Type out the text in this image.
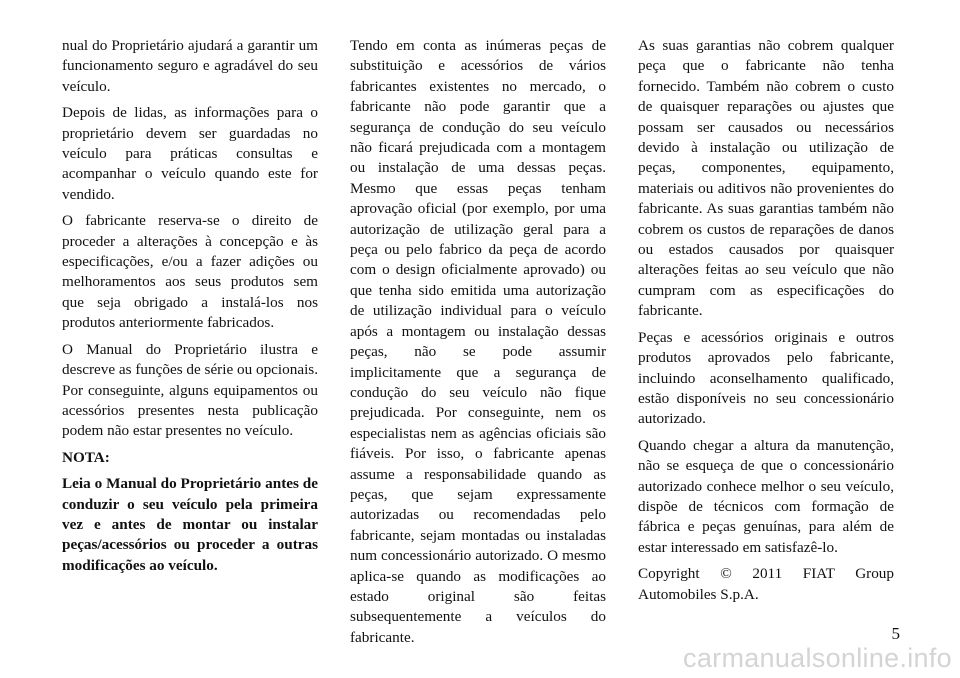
nual do Proprietário ajudará a garantir um funcionamento seguro e agradável do seu veículo.

Depois de lidas, as informações para o proprietário devem ser guardadas no veículo para práticas consultas e acompanhar o veículo quando este for vendido.

O fabricante reserva-se o direito de proceder a alterações à concepção e às especificações, e/ou a fazer adições ou melhoramentos aos seus produtos sem que seja obrigado a instalá-los nos produtos anteriormente fabricados.

O Manual do Proprietário ilustra e descreve as funções de série ou opcionais. Por conseguinte, alguns equipamentos ou acessórios presentes nesta publicação podem não estar presentes no veículo.

NOTA:

Leia o Manual do Proprietário antes de conduzir o seu veículo pela primeira vez e antes de montar ou instalar peças/acessórios ou proceder a outras modificações ao veículo.

Tendo em conta as inúmeras peças de substituição e acessórios de vários fabricantes existentes no mercado, o fabricante não pode garantir que a segurança de condução do seu veículo não ficará prejudicada com a montagem ou instalação de uma dessas peças. Mesmo que essas peças tenham aprovação oficial (por exemplo, por uma autorização de utilização geral para a peça ou pelo fabrico da peça de acordo com o design oficialmente aprovado) ou que tenha sido emitida uma autorização de utilização individual para o veículo após a montagem ou instalação dessas peças, não se pode assumir implicitamente que a segurança de condução do seu veículo não fique prejudicada. Por conseguinte, nem os especialistas nem as agências oficiais são fiáveis. Por isso, o fabricante apenas assume a responsabilidade quando as peças, que sejam expressamente autorizadas ou recomendadas pelo fabricante, sejam montadas ou instaladas num concessionário autorizado. O mesmo aplica-se quando as modificações ao estado original são feitas subsequentemente a veículos do fabricante.

As suas garantias não cobrem qualquer peça que o fabricante não tenha fornecido. Também não cobrem o custo de quaisquer reparações ou ajustes que possam ser causados ou necessários devido à instalação ou utilização de peças, componentes, equipamento, materiais ou aditivos não provenientes do fabricante. As suas garantias também não cobrem os custos de reparações de danos ou estados causados por quaisquer alterações feitas ao seu veículo que não cumpram com as especificações do fabricante.

Peças e acessórios originais e outros produtos aprovados pelo fabricante, incluindo aconselhamento qualificado, estão disponíveis no seu concessionário autorizado.

Quando chegar a altura da manutenção, não se esqueça de que o concessionário autorizado conhece melhor o seu veículo, dispõe de técnicos com formação de fábrica e peças genuínas, para além de estar interessado em satisfazê-lo.

Copyright © 2011 FIAT Group Automobiles S.p.A.

5
carmanualsonline.info
